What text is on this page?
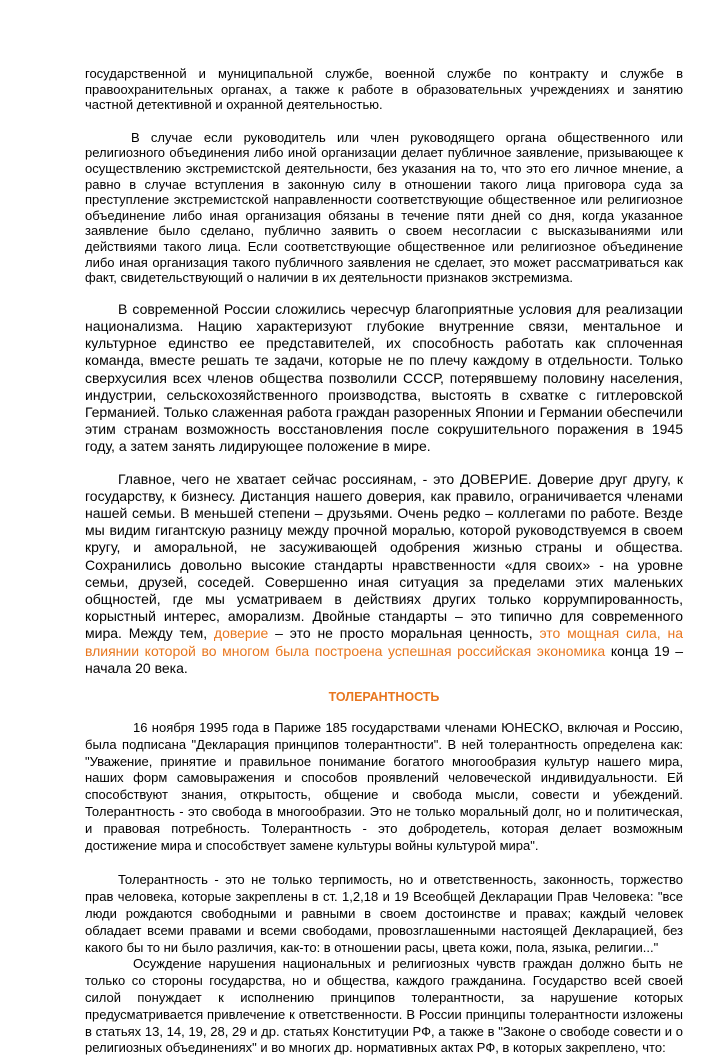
государственной и муниципальной службе, военной службе по контракту и службе в правоохранительных органах, а также к работе в образовательных учреждениях и занятию частной детективной и охранной деятельностью.

В случае если руководитель или член руководящего органа общественного или религиозного объединения либо иной организации делает публичное заявление, призывающее к осуществлению экстремистской деятельности, без указания на то, что это его личное мнение, а равно в случае вступления в законную силу в отношении такого лица приговора суда за преступление экстремистской направленности соответствующие общественное или религиозное объединение либо иная организация обязаны в течение пяти дней со дня, когда указанное заявление было сделано, публично заявить о своем несогласии с высказываниями или действиями такого лица. Если соответствующие общественное или религиозное объединение либо иная организация такого публичного заявления не сделает, это может рассматриваться как факт, свидетельствующий о наличии в их деятельности признаков экстремизма.

В современной России сложились чересчур благоприятные условия для реализации национализма. Нацию характеризуют глубокие внутренние связи, ментальное и культурное единство ее представителей, их способность работать как сплоченная команда, вместе решать те задачи, которые не по плечу каждому в отдельности. Только сверхусилия всех членов общества позволили СССР, потерявшему половину населения, индустрии, сельскохозяйственного производства, выстоять в схватке с гитлеровской Германией. Только слаженная работа граждан разоренных Японии и Германии обеспечили этим странам возможность восстановления после сокрушительного поражения в 1945 году, а затем занять лидирующее положение в мире.

Главное, чего не хватает сейчас россиянам, - это ДОВЕРИЕ. Доверие друг другу, к государству, к бизнесу. Дистанция нашего доверия, как правило, ограничивается членами нашей семьи. В меньшей степени – друзьями. Очень редко – коллегами по работе. Везде мы видим гигантскую разницу между прочной моралью, которой руководствуемся в своем кругу, и аморальной, не засуживающей одобрения жизнью страны и общества. Сохранились довольно высокие стандарты нравственности «для своих» - на уровне семьи, друзей, соседей. Совершенно иная ситуация за пределами этих маленьких общностей, где мы усматриваем в действиях других только коррумпированность, корыстный интерес, аморализм. Двойные стандарты – это типично для современного мира. Между тем, доверие – это не просто моральная ценность, это мощная сила, на влиянии которой во многом была построена успешная российская экономика конца 19 – начала 20 века.

ТОЛЕРАНТНОСТЬ

16 ноября 1995 года в Париже 185 государствами членами ЮНЕСКО, включая и Россию, была подписана "Декларация принципов толерантности". В ней толерантность определена как: "Уважение, принятие и правильное понимание богатого многообразия культур нашего мира, наших форм самовыражения и способов проявлений человеческой индивидуальности. Ей способствуют знания, открытость, общение и свобода мысли, совести и убеждений. Толерантность - это свобода в многообразии. Это не только моральный долг, но и политическая, и правовая потребность. Толерантность - это добродетель, которая делает возможным достижение мира и способствует замене культуры войны культурой мира".

Толерантность - это не только терпимость, но и ответственность, законность, торжество прав человека, которые закреплены в ст. 1,2,18 и 19 Всеобщей Декларации Прав Человека: "все люди рождаются свободными и равными в своем достоинстве и правах; каждый человек обладает всеми правами и всеми свободами, провозглашенными настоящей Декларацией, без какого бы то ни было различия, как-то: в отношении расы, цвета кожи, пола, языка, религии..."

Осуждение нарушения национальных и религиозных чувств граждан должно быть не только со стороны государства, но и общества, каждого гражданина. Государство всей своей силой понуждает к исполнению принципов толерантности, за нарушение которых предусматривается привлечение к ответственности. В России принципы толерантности изложены в статьях 13, 14, 19, 28, 29 и др. статьях Конституции РФ, а также в "Законе о свободе совести и о религиозных объединениях" и во многих др. нормативных актах РФ, в которых закреплено, что:
